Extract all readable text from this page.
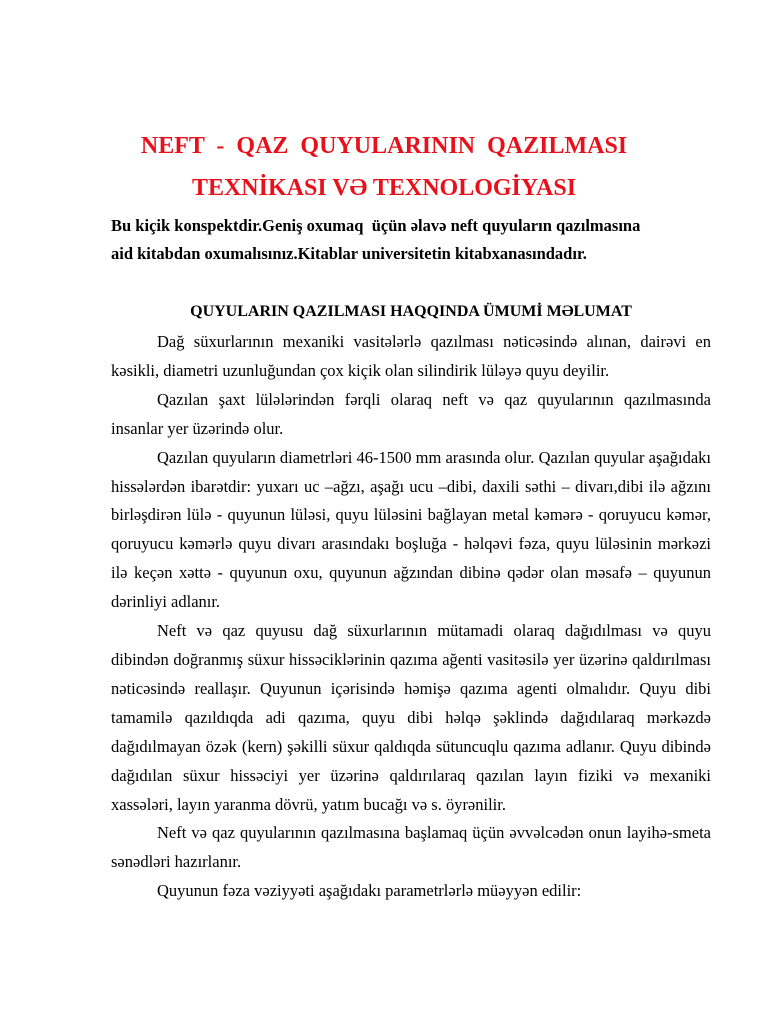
NEFT  -  QAZ  QUYULARININ  QAZILMASI
TEXNİKASI VƏ TEXNOLOGİYASI
Bu kiçik konspektdir.Geniş oxumaq  üçün əlavə neft quyuların qazılmasına
aid kitabdan oxumalısınız.Kitablar universitetin kitabxanasındadır.
QUYULARIN QAZILMASI HAQQINDA ÜMUMİ MƏLUMAT

Dağ süxurlarının mexaniki vasitələrlə qazılması nəticəsində alınan, dairəvi en kəsikli, diametri uzunluğundan çox kiçik olan silindirik lüləyə quyu deyilir.

Qazılan şaxt lülələrindən fərqli olaraq neft və qaz quyularının qazılmasında insanlar yer üzərində olur.

Qazılan quyuların diametrləri 46-1500 mm arasında olur. Qazılan quyular aşağıdakı hissələrdən ibarətdir: yuxarı uc –ağzı, aşağı ucu –dibi, daxili səthi – divarı,dibi ilə ağzını birləşdirən lülə - quyunun lüləsi, quyu lüləsini bağlayan metal kəmərə - qoruyucu kəmər, qoruyucu kəmərlə quyu divarı arasındakı boşluğa - həlqəvi fəza, quyu lüləsinin mərkəzi ilə keçən xəttə - quyunun oxu, quyunun ağzından dibinə qədər olan məsafə – quyunun dərinliyi adlanır.

Neft və qaz quyusu dağ süxurlarının mütamadi olaraq dağıdılması və quyu dibindən doğranmış süxur hissəciklərinin qazıma ağenti vasitəsilə yer üzərinə qaldırılması nəticəsində reallaşır. Quyunun içərisində həmişə qazıma agenti olmalıdır. Quyu dibi tamamilə qazıldıqda adi qazıma, quyu dibi həlqə şəklində dağıdılaraq mərkəzdə dağıdılmayan özək (kern) şəkilli süxur qaldıqda sütuncuqlu qazıma adlanır. Quyu dibində dağıdılan süxur hissəciyi yer üzərinə qaldırılaraq qazılan layın fiziki və mexaniki xassələri, layın yaranma dövrü, yatım bucağı və s. öyrənilir.

Neft və qaz quyularının qazılmasına başlamaq üçün əvvəlcədən onun layihə-smeta sənədləri hazırlanır.

Quyunun fəza vəziyyəti aşağıdakı parametrlərlə müəyyən edilir:
